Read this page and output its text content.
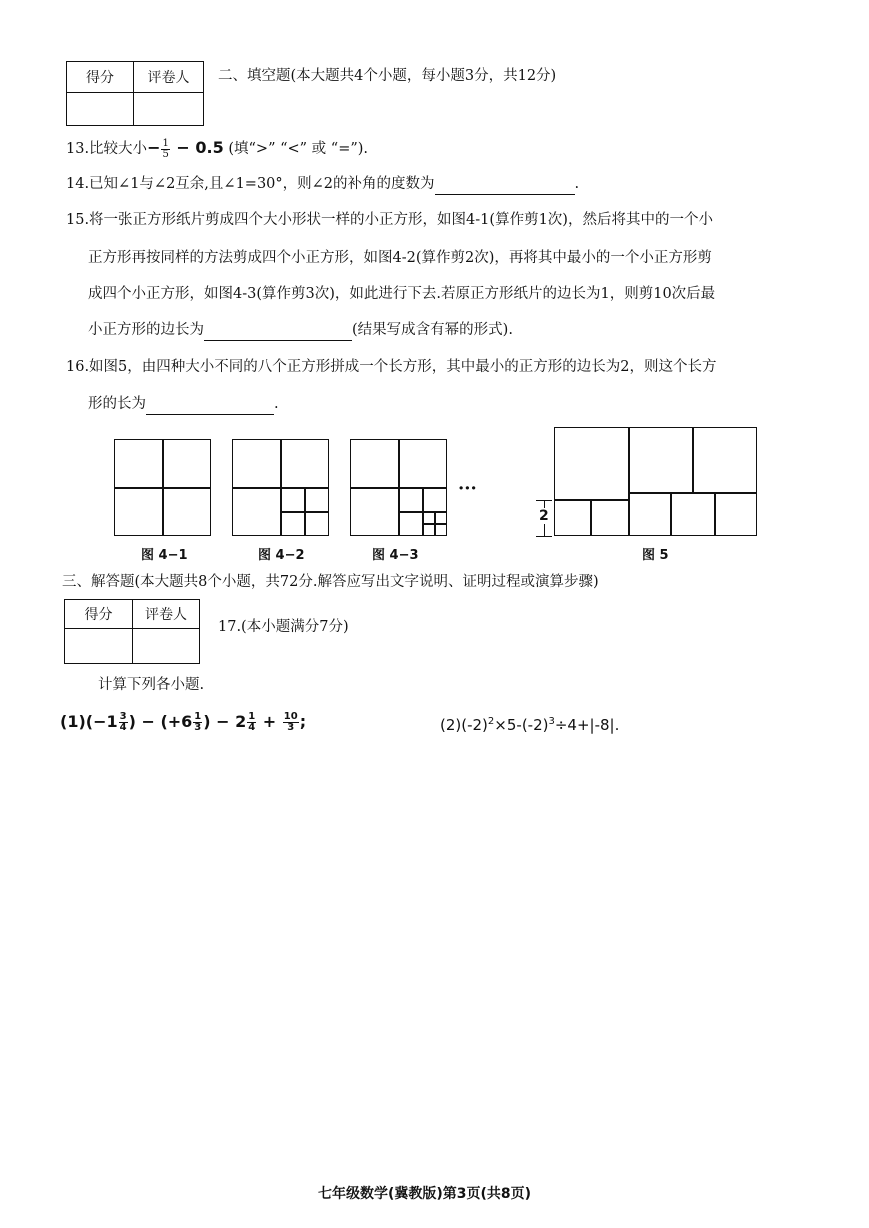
得分	评卷人
	二、填空题(本大题共4个小题，每小题3分，共12分)
13.比较大小− $\frac{1}{5} - 0.5$ (填“>” “<” 或 “=”).
14.已知∠1与∠2互余,且∠1=30°，则∠2的补角的度数为	.
15.将一张正方形纸片剪成四个大小形状一样的小正方形，如图4-1(算作剪1次)，然后将其中的一个小
正方形再按同样的方法剪成四个小正方形，如图4-2(算作剪2次)，再将其中最小的一个小正方形剪
成四个小正方形，如图4-3(算作剪3次)，如此进行下去.若原正方形纸片的边长为1，则剪10次后最
小正方形的边长为	(结果写成含有幂的形式).
16.如图5，由四种大小不同的八个正方形拼成一个长方形，其中最小的正方形的边长为2，则这个长方
形的长为	.
图 4−1	图 4−2	图 4−3
···
2
图 5
三、解答题(本大题共8个小题，共72分.解答应写出文字说明、证明过程或演算步骤)
得分	评卷人

17.(本小题满分7分)
计算下列各小题.
$(1)(-1 \frac{3}{4}$ ) − ($+6 \frac{1}{3}$ ) − $2 \frac{1}{4} + \frac{10}{3}$ ;	$(2)(-2)^2\times 5-(-2)^3\div 4+|-8|$.
七年级数学(冀教版)第3页(共8页)
